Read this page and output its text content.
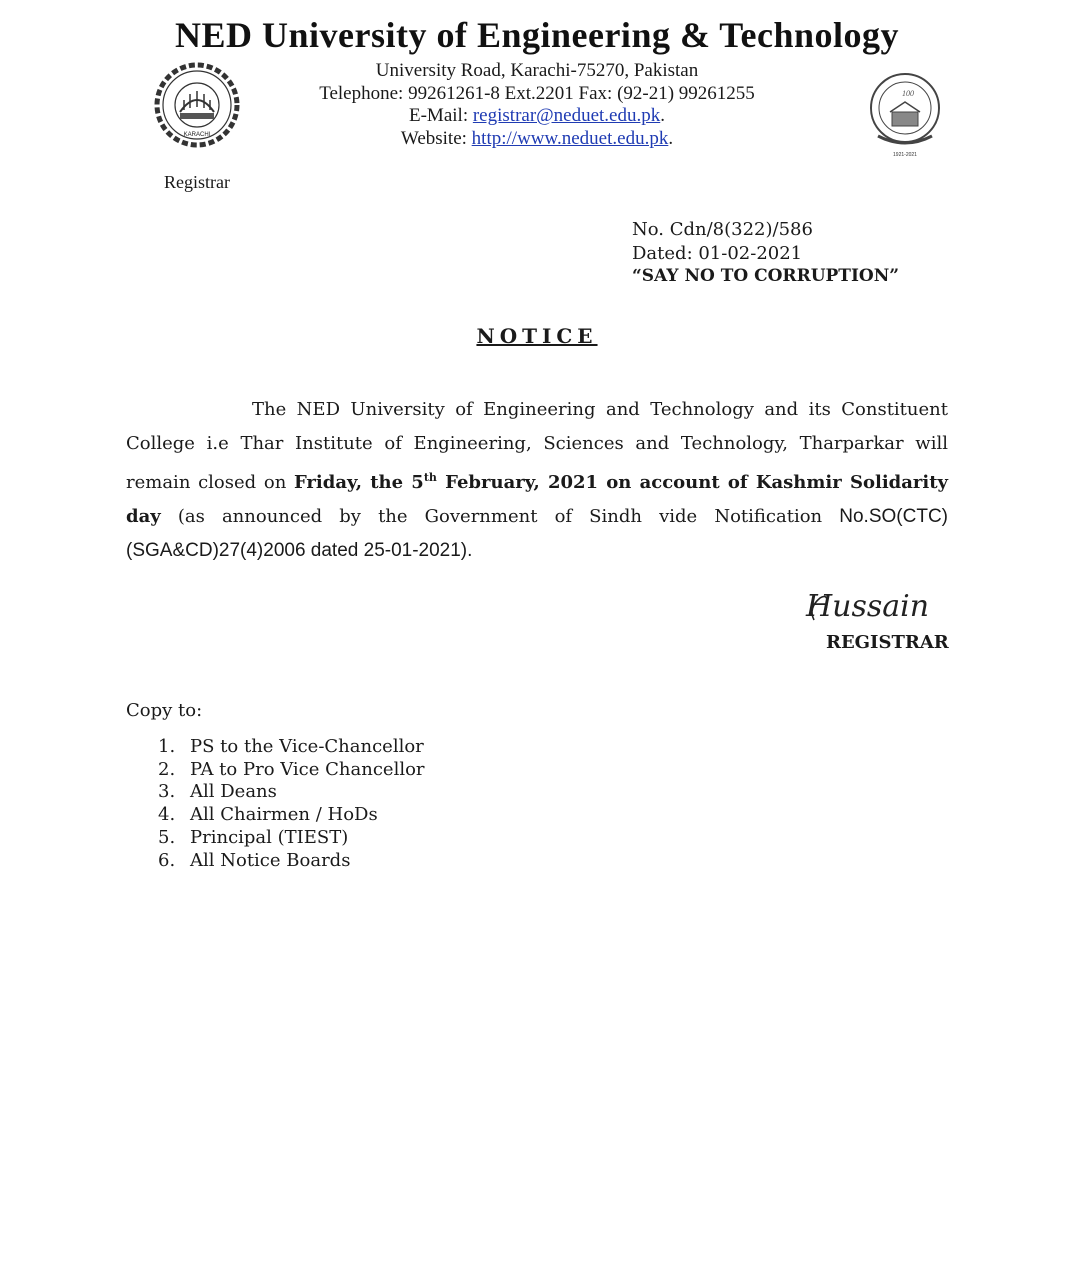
NED University of Engineering & Technology
University Road, Karachi-75270, Pakistan
Telephone: 99261261-8 Ext.2201 Fax: (92-21) 99261255
E-Mail: registrar@neduet.edu.pk.
Website: http://www.neduet.edu.pk.
KARACHI
100
1921-2021
Registrar
No. Cdn/8(322)/586
Dated: 01-02-2021
“SAY NO TO CORRUPTION”
NOTICE
The NED University of Engineering and Technology and its Constituent College i.e Thar Institute of Engineering, Sciences and Technology, Tharparkar will remain closed on Friday, the 5th February, 2021 on account of Kashmir Solidarity day (as announced by the Government of Sindh vide Notification No.SO(CTC)(SGA&CD)27(4)2006 dated 25-01-2021).
Hussain
REGISTRAR
Copy to:
1. PS to the Vice-Chancellor
2. PA to Pro Vice Chancellor
3. All Deans
4. All Chairmen / HoDs
5. Principal (TIEST)
6. All Notice Boards
